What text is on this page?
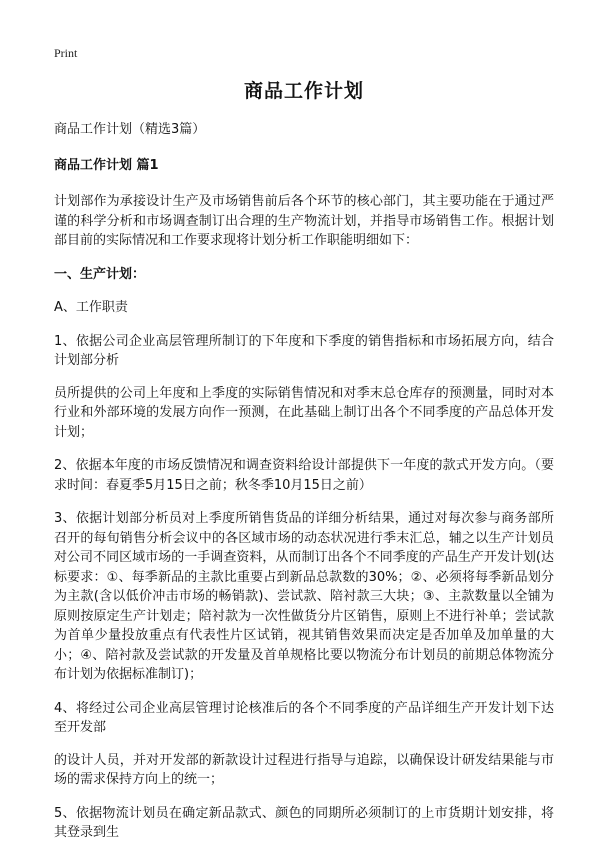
Print
商品工作计划
商品工作计划（精选3篇）
商品工作计划 篇1

计划部作为承接设计生产及市场销售前后各个环节的核心部门，其主要功能在于通过严谨的科学分析和市场调查制订出合理的生产物流计划，并指导市场销售工作。根据计划部目前的实际情况和工作要求现将计划分析工作职能明细如下：

一、生产计划：

A、工作职责

1、依据公司企业高层管理所制订的下年度和下季度的销售指标和市场拓展方向，结合计划部分析

员所提供的公司上年度和上季度的实际销售情况和对季末总仓库存的预测量，同时对本行业和外部环境的发展方向作一预测，在此基础上制订出各个不同季度的产品总体开发计划；

2、依据本年度的市场反馈情况和调查资料给设计部提供下一年度的款式开发方向。（要求时间：春夏季5月15日之前；秋冬季10月15日之前）

3、依据计划部分析员对上季度所销售货品的详细分析结果，通过对每次参与商务部所召开的每旬销售分析会议中的各区域市场的动态状况进行季末汇总，辅之以生产计划员对公司不同区域市场的一手调查资料，从而制订出各个不同季度的产品生产开发计划(达标要求：①、每季新品的主款比重要占到新品总款数的30%；②、必须将每季新品划分为主款(含以低价冲击市场的畅销款)、尝试款、陪衬款三大块；③、主款数量以全铺为原则按原定生产计划走；陪衬款为一次性做货分片区销售，原则上不进行补单；尝试款为首单少量投放重点有代表性片区试销，视其销售效果而决定是否加单及加单量的大小；④、陪衬款及尝试款的开发量及首单规格比要以物流分布计划员的前期总体物流分布计划为依据标准制订)；

4、将经过公司企业高层管理讨论核准后的各个不同季度的产品详细生产开发计划下达至开发部

的设计人员，并对开发部的新款设计过程进行指导与追踪，以确保设计研发结果能与市场的需求保持方向上的统一；

5、依据物流计划员在确定新品款式、颜色的同期所必须制订的上市货期计划安排，将其登录到生
